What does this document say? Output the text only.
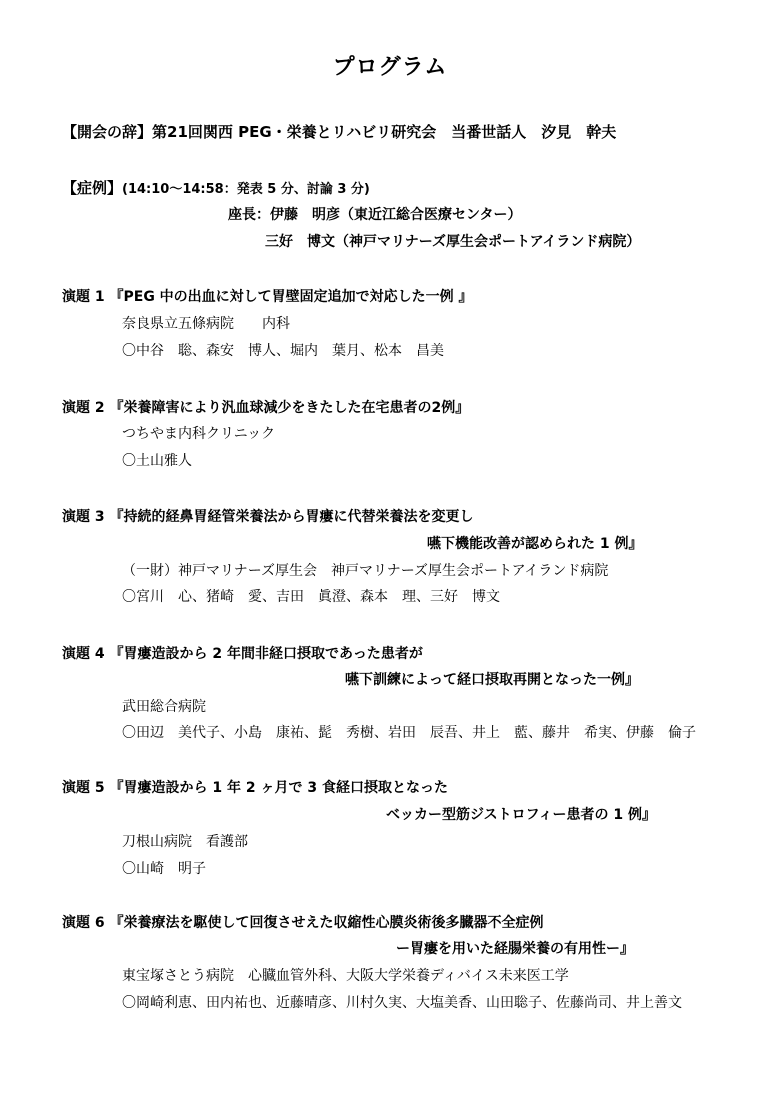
プログラム
【開会の辞】第21回関西 PEG・栄養とリハビリ研究会　当番世話人　汐見　幹夫
【症例】(14:10～14:58：発表 5 分、討論 3 分)
座長：伊藤　明彦（東近江総合医療センター）
三好　博文（神戸マリナーズ厚生会ポートアイランド病院）
演題 1 『PEG 中の出血に対して胃壁固定追加で対応した一例 』
奈良県立五條病院　　内科
〇中谷　聡、森安　博人、堀内　葉月、松本　昌美
演題 2 『栄養障害により汎血球減少をきたした在宅患者の2例』
つちやま内科クリニック
〇土山雅人
演題 3 『持続的経鼻胃経管栄養法から胃瘻に代替栄養法を変更し
嚥下機能改善が認められた 1 例』
（一財）神戸マリナーズ厚生会　神戸マリナーズ厚生会ポートアイランド病院
〇宮川　心、猪崎　愛、吉田　眞澄、森本　理、三好　博文
演題 4 『胃瘻造設から 2 年間非経口摂取であった患者が
嚥下訓練によって経口摂取再開となった一例』
武田総合病院
〇田辺　美代子、小島　康祐、髭　秀樹、岩田　辰吾、井上　藍、藤井　希実、伊藤　倫子
演題 5 『胃瘻造設から 1 年 2 ヶ月で 3 食経口摂取となった
ベッカー型筋ジストロフィー患者の 1 例』
刀根山病院　看護部
〇山崎　明子
演題 6 『栄養療法を駆使して回復させえた収縮性心膜炎術後多臓器不全症例
ー胃瘻を用いた経腸栄養の有用性ー』
東宝塚さとう病院　心臓血管外科、大阪大学栄養ディバイス未来医工学
〇岡崎利恵、田内祐也、近藤晴彦、川村久実、大塩美香、山田聡子、佐藤尚司、井上善文
